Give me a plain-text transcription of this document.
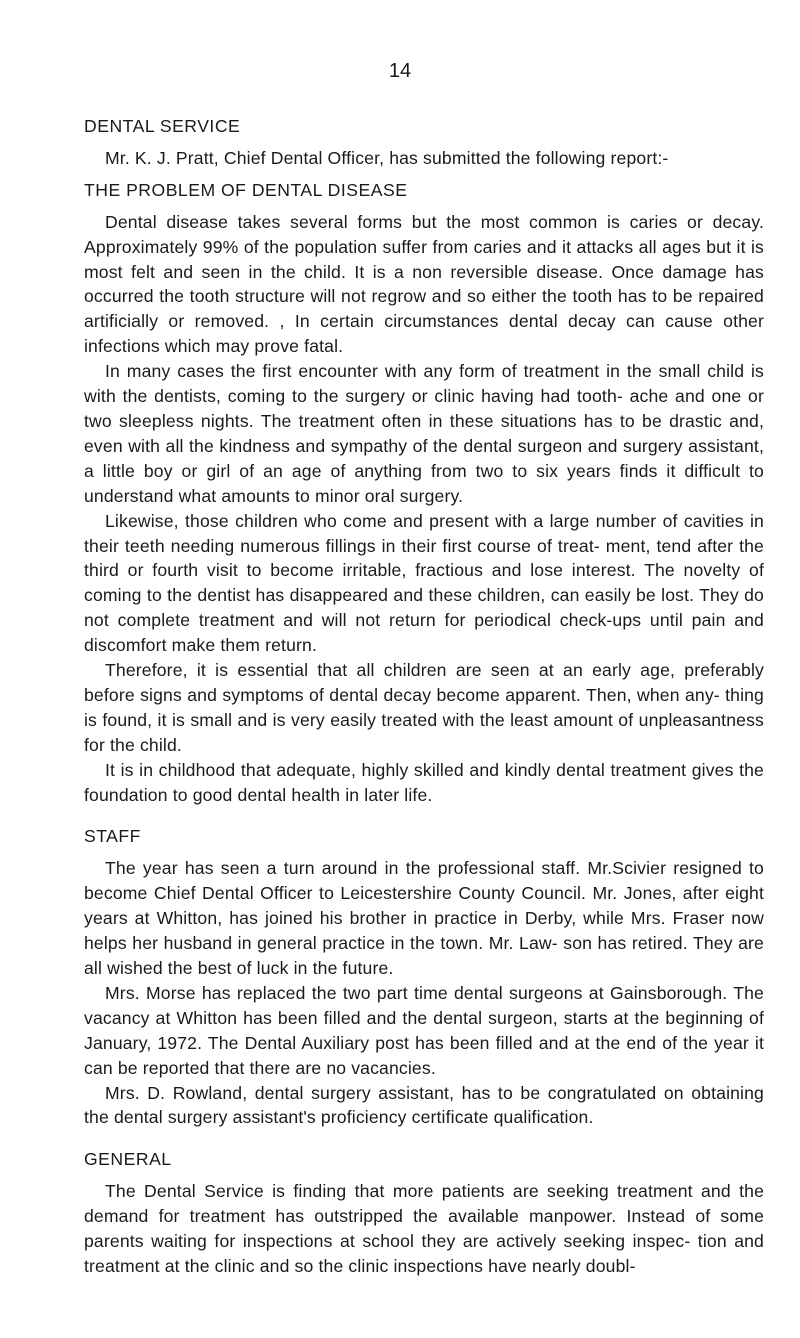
14
DENTAL SERVICE

Mr. K. J. Pratt, Chief Dental Officer, has submitted the following report:-

THE PROBLEM OF DENTAL DISEASE

Dental disease takes several forms but the most common is caries or decay. Approximately 99% of the population suffer from caries and it attacks all ages but it is most felt and seen in the child. It is a non reversible disease. Once damage has occurred the tooth structure will not regrow and so either the tooth has to be repaired artificially or removed. , In certain circumstances dental decay can cause other infections which may prove fatal.

In many cases the first encounter with any form of treatment in the small child is with the dentists, coming to the surgery or clinic having had tooth- ache and one or two sleepless nights. The treatment often in these situations has to be drastic and, even with all the kindness and sympathy of the dental surgeon and surgery assistant, a little boy or girl of an age of anything from two to six years finds it difficult to understand what amounts to minor oral surgery.

Likewise, those children who come and present with a large number of cavities in their teeth needing numerous fillings in their first course of treat- ment, tend after the third or fourth visit to become irritable, fractious and lose interest. The novelty of coming to the dentist has disappeared and these children, can easily be lost. They do not complete treatment and will not return for periodical check-ups until pain and discomfort make them return.

Therefore, it is essential that all children are seen at an early age, preferably before signs and symptoms of dental decay become apparent. Then, when any- thing is found, it is small and is very easily treated with the least amount of unpleasantness for the child.

It is in childhood that adequate, highly skilled and kindly dental treatment gives the foundation to good dental health in later life.

STAFF

The year has seen a turn around in the professional staff. Mr.Scivier resigned to become Chief Dental Officer to Leicestershire County Council. Mr. Jones, after eight years at Whitton, has joined his brother in practice in Derby, while Mrs. Fraser now helps her husband in general practice in the town. Mr. Law- son has retired. They are all wished the best of luck in the future.

Mrs. Morse has replaced the two part time dental surgeons at Gainsborough. The vacancy at Whitton has been filled and the dental surgeon, starts at the beginning of January, 1972. The Dental Auxiliary post has been filled and at the end of the year it can be reported that there are no vacancies.

Mrs. D. Rowland, dental surgery assistant, has to be congratulated on obtaining the dental surgery assistant's proficiency certificate qualification.

GENERAL

The Dental Service is finding that more patients are seeking treatment and the demand for treatment has outstripped the available manpower. Instead of some parents waiting for inspections at school they are actively seeking inspec- tion and treatment at the clinic and so the clinic inspections have nearly doubl-
